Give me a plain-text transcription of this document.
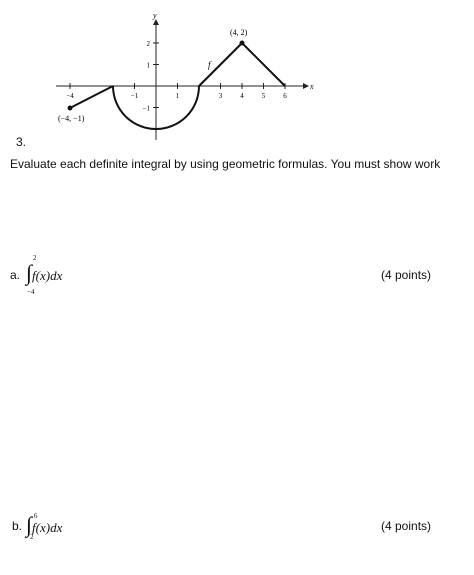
x
y
−4	−1	1	3	4	5	6
2
1
−1
(−4, −1)
(4, 2)
f
3.
Evaluate each definite integral by using geometric formulas. You must show work
a. ∫f(x)dx
2
−4
(4 points)
b. ∫f(x)dx
6
2
(4 points)
